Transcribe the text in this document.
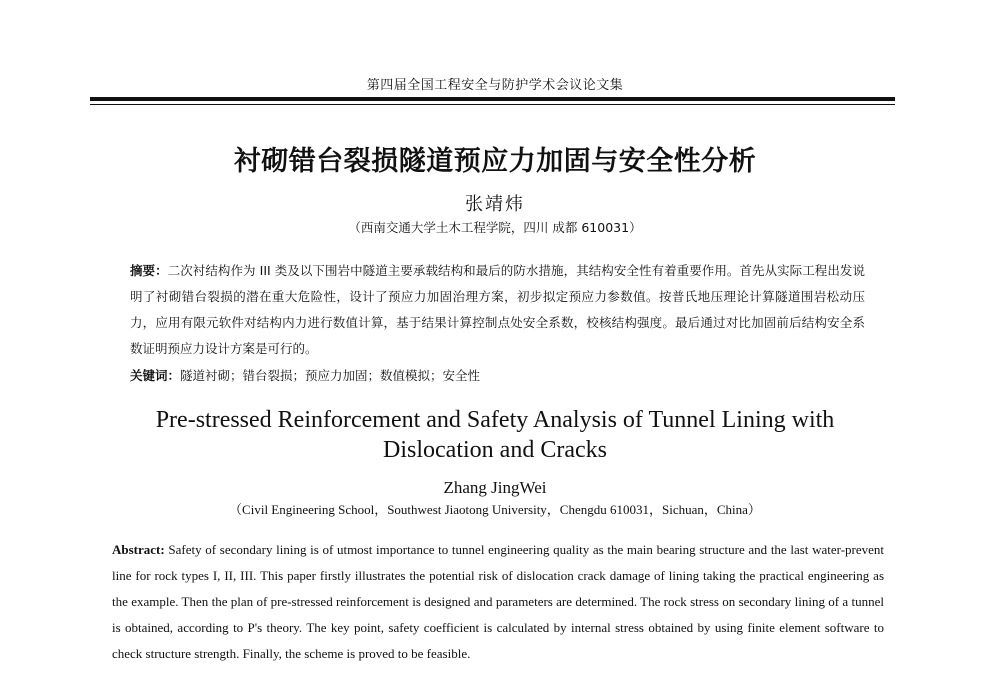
第四届全国工程安全与防护学术会议论文集
衬砌错台裂损隧道预应力加固与安全性分析
张靖炜
（西南交通大学土木工程学院，四川 成都 610031）
摘要：二次衬结构作为 III 类及以下围岩中隧道主要承载结构和最后的防水措施，其结构安全性有着重要作用。首先从实际工程出发说明了衬砌错台裂损的潜在重大危险性，设计了预应力加固治理方案，初步拟定预应力参数值。按普氏地压理论计算隧道围岩松动压力，应用有限元软件对结构内力进行数值计算，基于结果计算控制点处安全系数，校核结构强度。最后通过对比加固前后结构安全系数证明预应力设计方案是可行的。
关键词：隧道衬砌；错台裂损；预应力加固；数值模拟；安全性
Pre-stressed Reinforcement and Safety Analysis of Tunnel Lining with
Dislocation and Cracks
Zhang JingWei
（Civil Engineering School，Southwest Jiaotong University，Chengdu 610031，Sichuan，China）
Abstract: Safety of secondary lining is of utmost importance to tunnel engineering quality as the main bearing structure and the last water-prevent line for rock types I, II, III. This paper firstly illustrates the potential risk of dislocation crack damage of lining taking the practical engineering as the example. Then the plan of pre-stressed reinforcement is designed and parameters are determined. The rock stress on secondary lining of a tunnel is obtained, according to P's theory. The key point, safety coefficient is calculated by internal stress obtained by using finite element software to check structure strength. Finally, the scheme is proved to be feasible.
